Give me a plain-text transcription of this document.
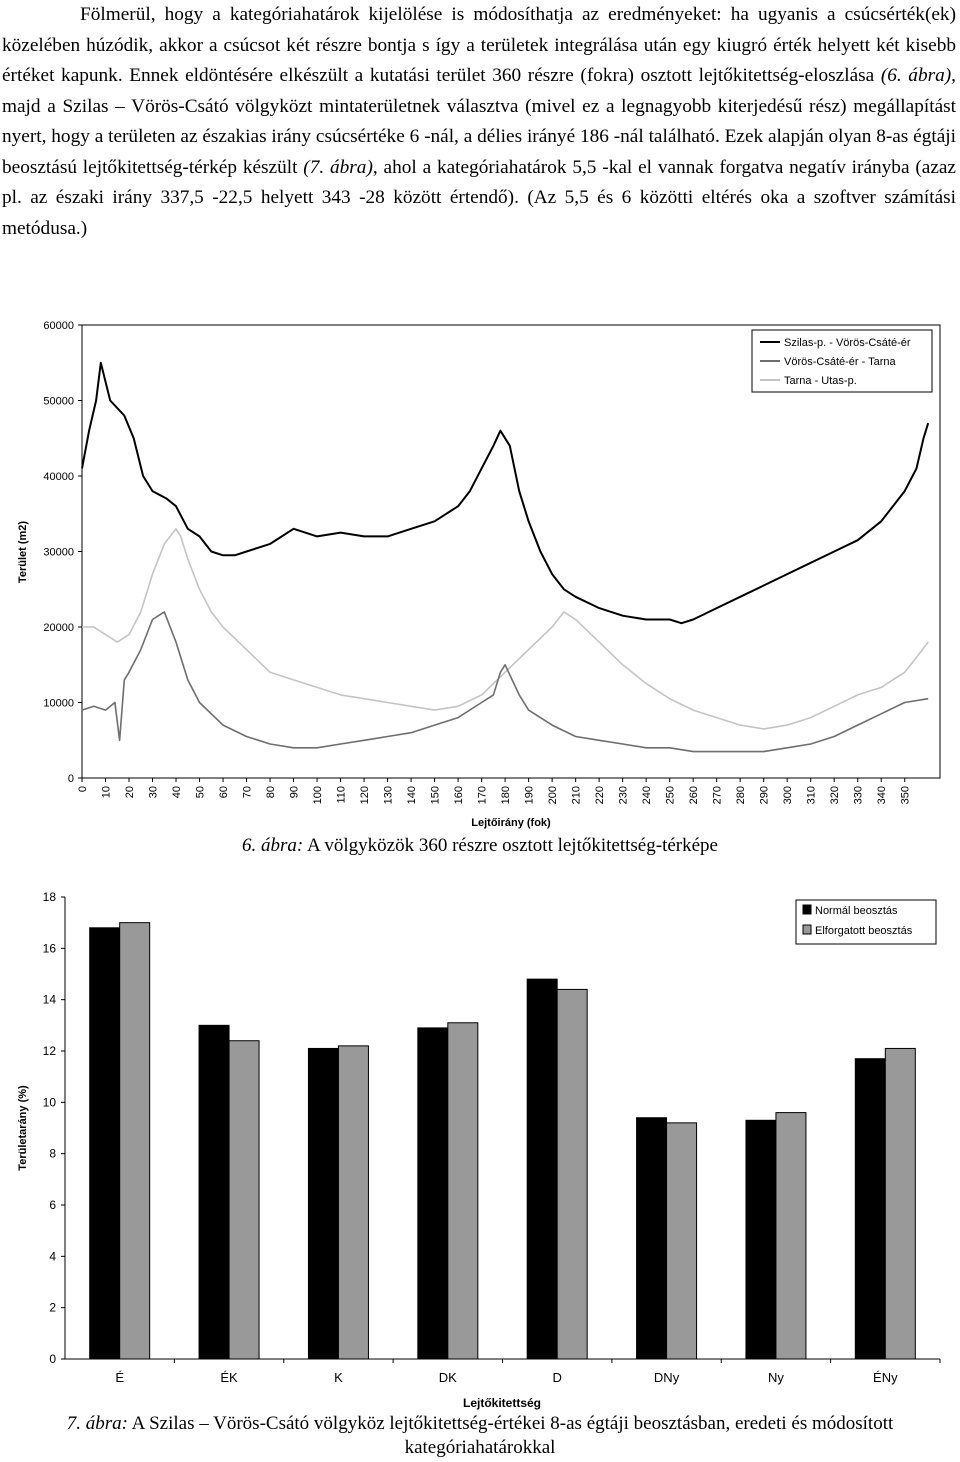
Fölmerül, hogy a kategóriahatárok kijelölése is módosíthatja az eredményeket: ha ugyanis a csúcsérték(ek) közelében húzódik, akkor a csúcsot két részre bontja s így a területek integrálása után egy kiugró érték helyett két kisebb értéket kapunk. Ennek eldöntésére elkészült a kutatási terület 360 részre (fokra) osztott lejtőkitettség-eloszlása (6. ábra), majd a Szilas – Vörös-Csátó völgyközt mintaterületnek választva (mivel ez a legnagyobb kiterjedésű rész) megállapítást nyert, hogy a területen az északias irány csúcsértéke 6 -nál, a délies irányé 186 -nál található. Ezek alapján olyan 8-as égtáji beosztású lejtőkitettség-térkép készült (7. ábra), ahol a kategóriahatárok 5,5 -kal el vannak forgatva negatív irányba (azaz pl. az északi irány 337,5 -22,5 helyett 343 -28 között értendő). (Az 5,5 és 6 közötti eltérés oka a szoftver számítási metódusa.)

0
10000
20000
30000
40000
50000
60000
0 10 20 30 40 50 60 70 80 90 100 110 120 130 140 150 160 170 180 190 200 210 220 230 240 250 260 270 280 290 300 310 320 330 340 350
Szilas-p. - Vörös-Csáté-ér
Vörös-Csáté-ér - Tarna
Tarna - Utas-p.
Terület (m2)
Lejtőirány (fok)

6. ábra: A völgyközök 360 részre osztott lejtőkitettség-térképe

0
2
4
6
8
10
12
14
16
18
É	ÉK	K	DK	D	DNy	Ny	ÉNy
Normál beosztás
Elforgatott beosztás
Területarány (%)
Lejtőkitettség

7. ábra: A Szilas – Vörös-Csátó völgyköz lejtőkitettség-értékei 8-as égtáji beosztásban, eredeti és módosított kategóriahatárokkal
